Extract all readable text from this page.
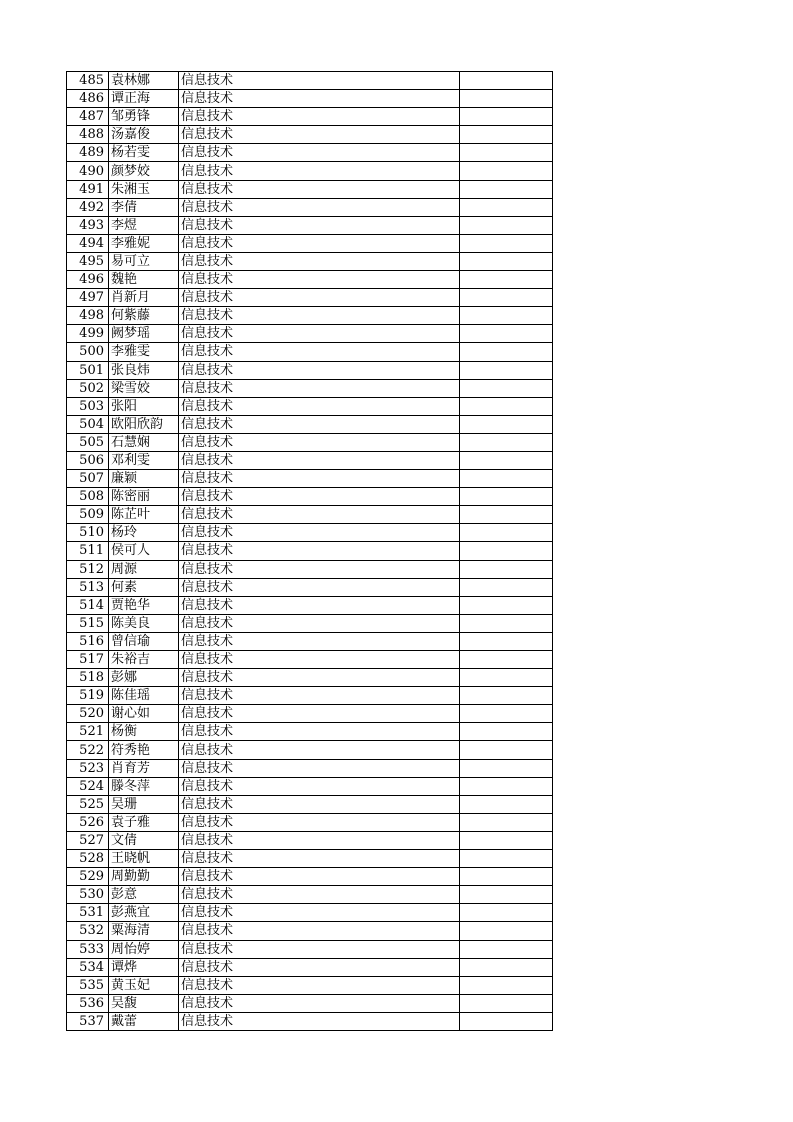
485	袁林娜	信息技术	
486	谭正海	信息技术	
487	邹勇锋	信息技术	
488	汤嘉俊	信息技术	
489	杨若雯	信息技术	
490	颜梦姣	信息技术	
491	朱湘玉	信息技术	
492	李倩	信息技术	
493	李煜	信息技术	
494	李雅妮	信息技术	
495	易可立	信息技术	
496	魏艳	信息技术	
497	肖新月	信息技术	
498	何紫藤	信息技术	
499	阙梦瑶	信息技术	
500	李雅雯	信息技术	
501	张良炜	信息技术	
502	梁雪姣	信息技术	
503	张阳	信息技术	
504	欧阳欣韵	信息技术	
505	石慧娴	信息技术	
506	邓利雯	信息技术	
507	廉颖	信息技术	
508	陈密丽	信息技术	
509	陈芷叶	信息技术	
510	杨玲	信息技术	
511	侯可人	信息技术	
512	周源	信息技术	
513	何素	信息技术	
514	贾艳华	信息技术	
515	陈美良	信息技术	
516	曾信瑜	信息技术	
517	朱裕吉	信息技术	
518	彭娜	信息技术	
519	陈佳瑶	信息技术	
520	谢心如	信息技术	
521	杨衡	信息技术	
522	符秀艳	信息技术	
523	肖育芳	信息技术	
524	滕冬萍	信息技术	
525	吴珊	信息技术	
526	袁子雅	信息技术	
527	文倩	信息技术	
528	王晓帆	信息技术	
529	周勤勤	信息技术	
530	彭意	信息技术	
531	彭燕宜	信息技术	
532	粟海清	信息技术	
533	周怡婷	信息技术	
534	谭烨	信息技术	
535	黄玉妃	信息技术	
536	吴馥	信息技术	
537	戴蕾	信息技术	
